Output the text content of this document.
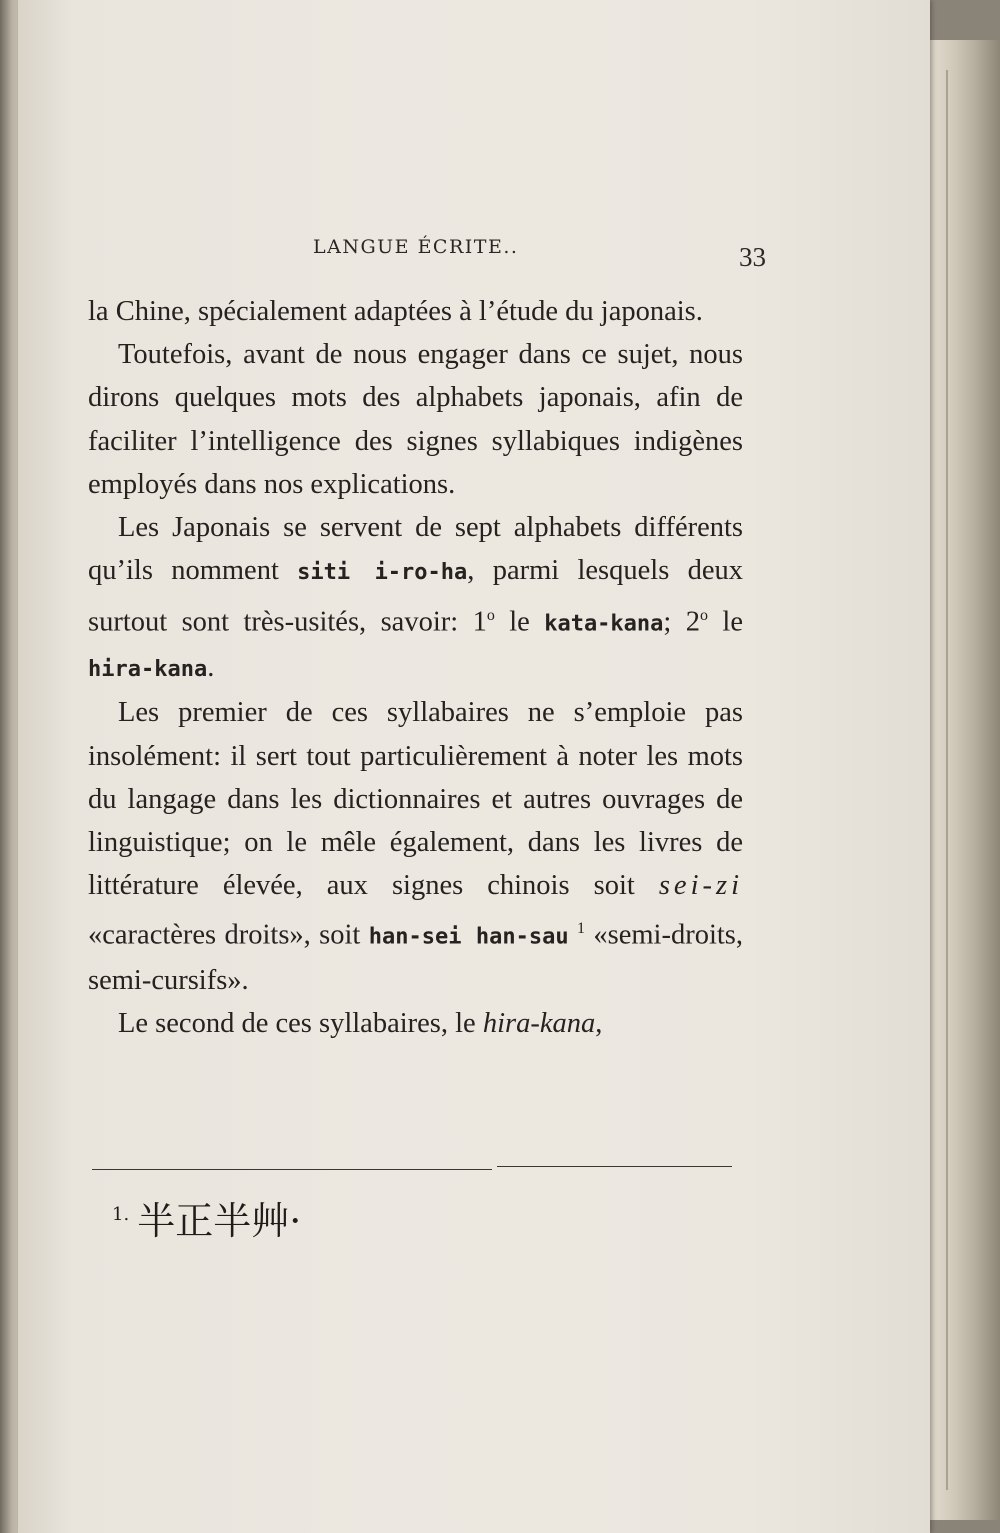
LANGUE ÉCRITE..	33

la Chine, spécialement adaptées à l’étude du japonais.

Toutefois, avant de nous engager dans ce sujet, nous dirons quelques mots des alphabets japonais, afin de faciliter l’intelligence des signes syllabiques indigènes employés dans nos explications.

Les Japonais se servent de sept alphabets différents qu’ils nomment siti i-ro-ha, parmi lesquels deux surtout sont très-usités, savoir: 1$^o$ le kata-kana; 2$^o$ le hira-kana.

Les premier de ces syllabaires ne s’emploie pas insolément: il sert tout particulièrement à noter les mots du langage dans les dictionnaires et autres ouvrages de linguistique; on le mêle également, dans les livres de littérature élevée, aux signes chinois soit sei-zi «caractères droits», soit han-sei han-sau $^1$ «semi-droits, semi-cursifs».

Le second de ces syllabaires, le hira-kana,

$^{1.}$ 半正半艸·
